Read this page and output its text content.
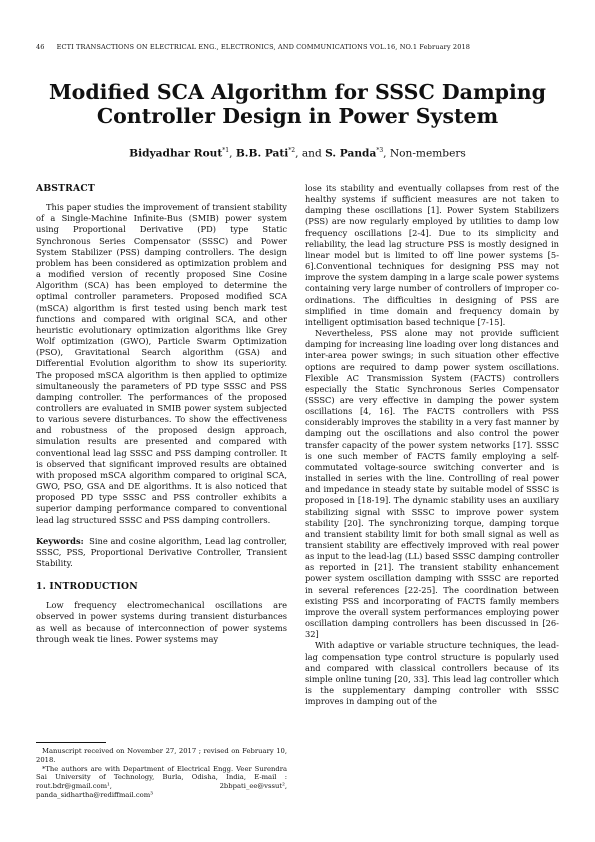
46 ECTI TRANSACTIONS ON ELECTRICAL ENG., ELECTRONICS, AND COMMUNICATIONS VOL.16, NO.1 February 2018
Modified SCA Algorithm for SSSC Damping
Controller Design in Power System
Bidyadhar Rout$^{*1}$, B.B. Pati$^{*2}$, and S. Panda$^{*3}$, Non-members
ABSTRACT

This paper studies the improvement of transient stability of a Single-Machine Infinite-Bus (SMIB) power system using Proportional Derivative (PD) type Static Synchronous Series Compensator (SSSC) and Power System Stabilizer (PSS) damping controllers. The design problem has been considered as optimization problem and a modified version of recently proposed Sine Cosine Algorithm (SCA) has been employed to determine the optimal controller parameters. Proposed modified SCA (mSCA) algorithm is first tested using bench mark test functions and compared with original SCA, and other heuristic evolutionary optimization algorithms like Grey Wolf optimization (GWO), Particle Swarm Optimization (PSO), Gravitational Search algorithm (GSA) and Differential Evolution algorithm to show its superiority. The proposed mSCA algorithm is then applied to optimize simultaneously the parameters of PD type SSSC and PSS damping controller. The performances of the proposed controllers are evaluated in SMIB power system subjected to various severe disturbances. To show the effectiveness and robustness of the proposed design approach, simulation results are presented and compared with conventional lead lag SSSC and PSS damping controller. It is observed that significant improved results are obtained with proposed mSCA algorithm compared to original SCA, GWO, PSO, GSA and DE algorithms. It is also noticed that proposed PD type SSSC and PSS controller exhibits a superior damping performance compared to conventional lead lag structured SSSC and PSS damping controllers.

Keywords: Sine and cosine algorithm, Lead lag controller, SSSC, PSS, Proportional Derivative Controller, Transient Stability.

1. INTRODUCTION

Low frequency electromechanical oscillations are observed in power systems during transient disturbances as well as because of interconnection of power systems through weak tie lines. Power systems may

lose its stability and eventually collapses from rest of the healthy systems if sufficient measures are not taken to damping these oscillations [1]. Power System Stabilizers (PSS) are now regularly employed by utilities to damp low frequency oscillations [2-4]. Due to its simplicity and reliability, the lead lag structure PSS is mostly designed in linear model but is limited to off line power systems [5-6].Conventional techniques for designing PSS may not improve the system damping in a large scale power systems containing very large number of controllers of improper co-ordinations. The difficulties in designing of PSS are simplified in time domain and frequency domain by intelligent optimisation based technique [7-15].

Nevertheless, PSS alone may not provide sufficient damping for increasing line loading over long distances and inter-area power swings; in such situation other effective options are required to damp power system oscillations. Flexible AC Transmission System (FACTS) controllers especially the Static Synchronous Series Compensator (SSSC) are very effective in damping the power system oscillations [4, 16]. The FACTS controllers with PSS considerably improves the stability in a very fast manner by damping out the oscillations and also control the power transfer capacity of the power system networks [17]. SSSC is one such member of FACTS family employing a self-commutated voltage-source switching converter and is installed in series with the line. Controlling of real power and impedance in steady state by suitable model of SSSC is proposed in [18-19]. The dynamic stability uses an auxiliary stabilizing signal with SSSC to improve power system stability [20]. The synchronizing torque, damping torque and transient stability limit for both small signal as well as transient stability are effectively improved with real power as input to the lead-lag (LL) based SSSC damping controller as reported in [21]. The transient stability enhancement power system oscillation damping with SSSC are reported in several references [22-25]. The coordination between existing PSS and incorporating of FACTS family members improve the overall system performances employing power oscillation damping controllers has been discussed in [26-32]

With adaptive or variable structure techniques, the lead-lag compensation type control structure is popularly used and compared with classical controllers because of its simple online tuning [20, 33]. This lead lag controller which is the supplementary damping controller with SSSC improves in damping out of the

Manuscript received on November 27, 2017 ; revised on February 10, 2018.

*The authors are with Department of Electrical Engg. Veer Surendra Sai University of Technology, Burla, Odisha, India, E-mail : rout.bdr@gmail.com¹, 2bbpati_ee@vssut², panda_sidhartha@rediffmail.com³
